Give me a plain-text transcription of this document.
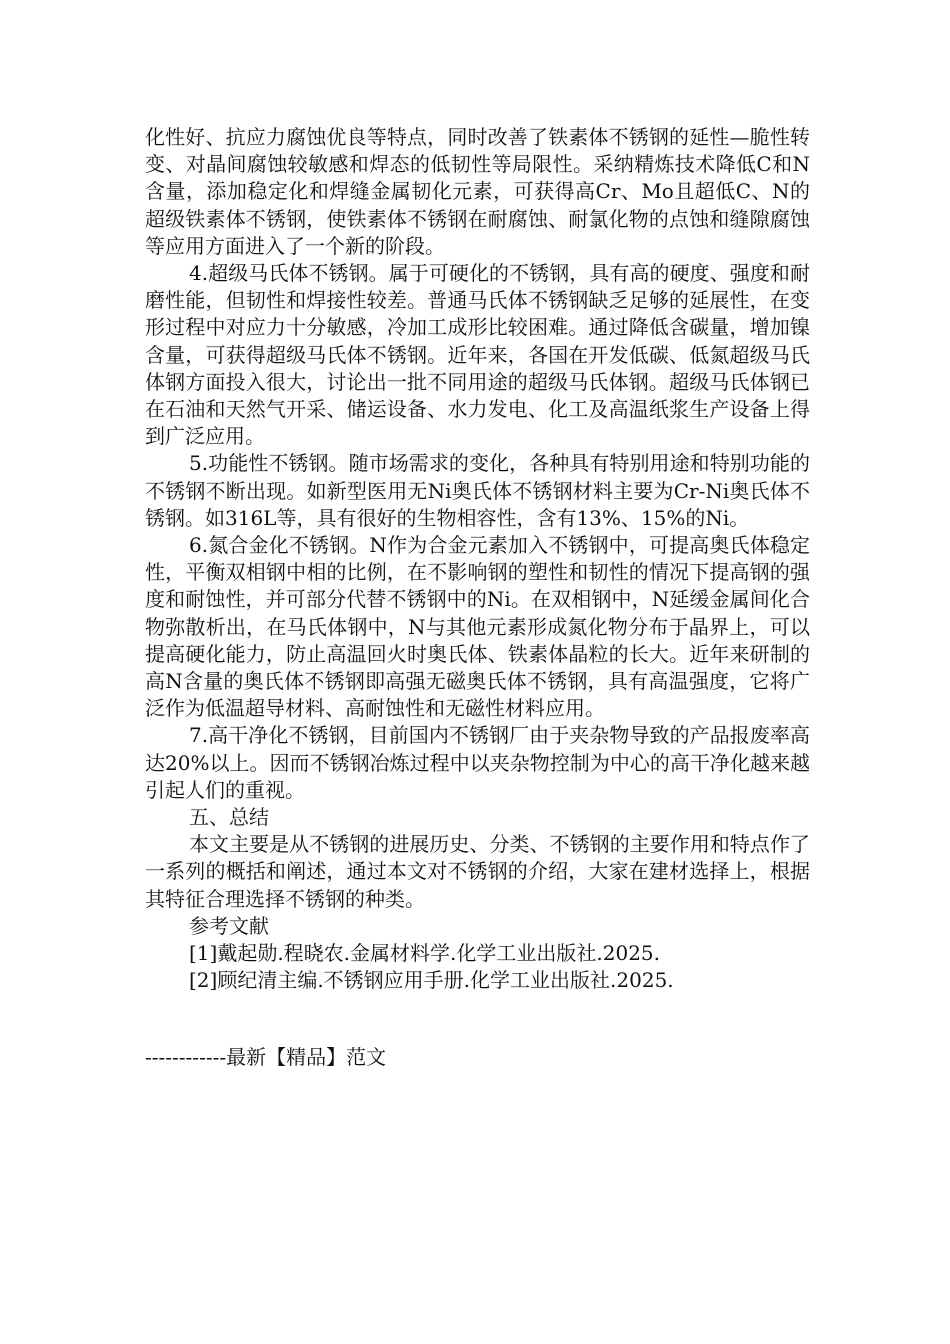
化性好、抗应力腐蚀优良等特点，同时改善了铁素体不锈钢的延性—脆性转变、对晶间腐蚀较敏感和焊态的低韧性等局限性。采纳精炼技术降低C和N含量，添加稳定化和焊缝金属韧化元素，可获得高Cr、Mo且超低C、N的超级铁素体不锈钢，使铁素体不锈钢在耐腐蚀、耐氯化物的点蚀和缝隙腐蚀等应用方面进入了一个新的阶段。

4.超级马氏体不锈钢。属于可硬化的不锈钢，具有高的硬度、强度和耐磨性能，但韧性和焊接性较差。普通马氏体不锈钢缺乏足够的延展性，在变形过程中对应力十分敏感，冷加工成形比较困难。通过降低含碳量，增加镍含量，可获得超级马氏体不锈钢。近年来，各国在开发低碳、低氮超级马氏体钢方面投入很大，讨论出一批不同用途的超级马氏体钢。超级马氏体钢已在石油和天然气开采、储运设备、水力发电、化工及高温纸浆生产设备上得到广泛应用。

5.功能性不锈钢。随市场需求的变化，各种具有特别用途和特别功能的不锈钢不断出现。如新型医用无Ni奥氏体不锈钢材料主要为Cr-Ni奥氏体不锈钢。如316L等，具有很好的生物相容性，含有13%、15%的Ni。

6.氮合金化不锈钢。N作为合金元素加入不锈钢中，可提高奥氏体稳定性，平衡双相钢中相的比例，在不影响钢的塑性和韧性的情况下提高钢的强度和耐蚀性，并可部分代替不锈钢中的Ni。在双相钢中，N延缓金属间化合物弥散析出，在马氏体钢中，N与其他元素形成氮化物分布于晶界上，可以提高硬化能力，防止高温回火时奥氏体、铁素体晶粒的长大。近年来研制的高N含量的奥氏体不锈钢即高强无磁奥氏体不锈钢，具有高温强度，它将广泛作为低温超导材料、高耐蚀性和无磁性材料应用。

7.高干净化不锈钢，目前国内不锈钢厂由于夹杂物导致的产品报废率高达20%以上。因而不锈钢冶炼过程中以夹杂物控制为中心的高干净化越来越引起人们的重视。

五、总结

本文主要是从不锈钢的进展历史、分类、不锈钢的主要作用和特点作了一系列的概括和阐述，通过本文对不锈钢的介绍，大家在建材选择上，根据其特征合理选择不锈钢的种类。

参考文献

[1]戴起勋.程晓农.金属材料学.化学工业出版社.2025.

[2]顾纪清主编.不锈钢应用手册.化学工业出版社.2025.

------------最新【精品】范文
